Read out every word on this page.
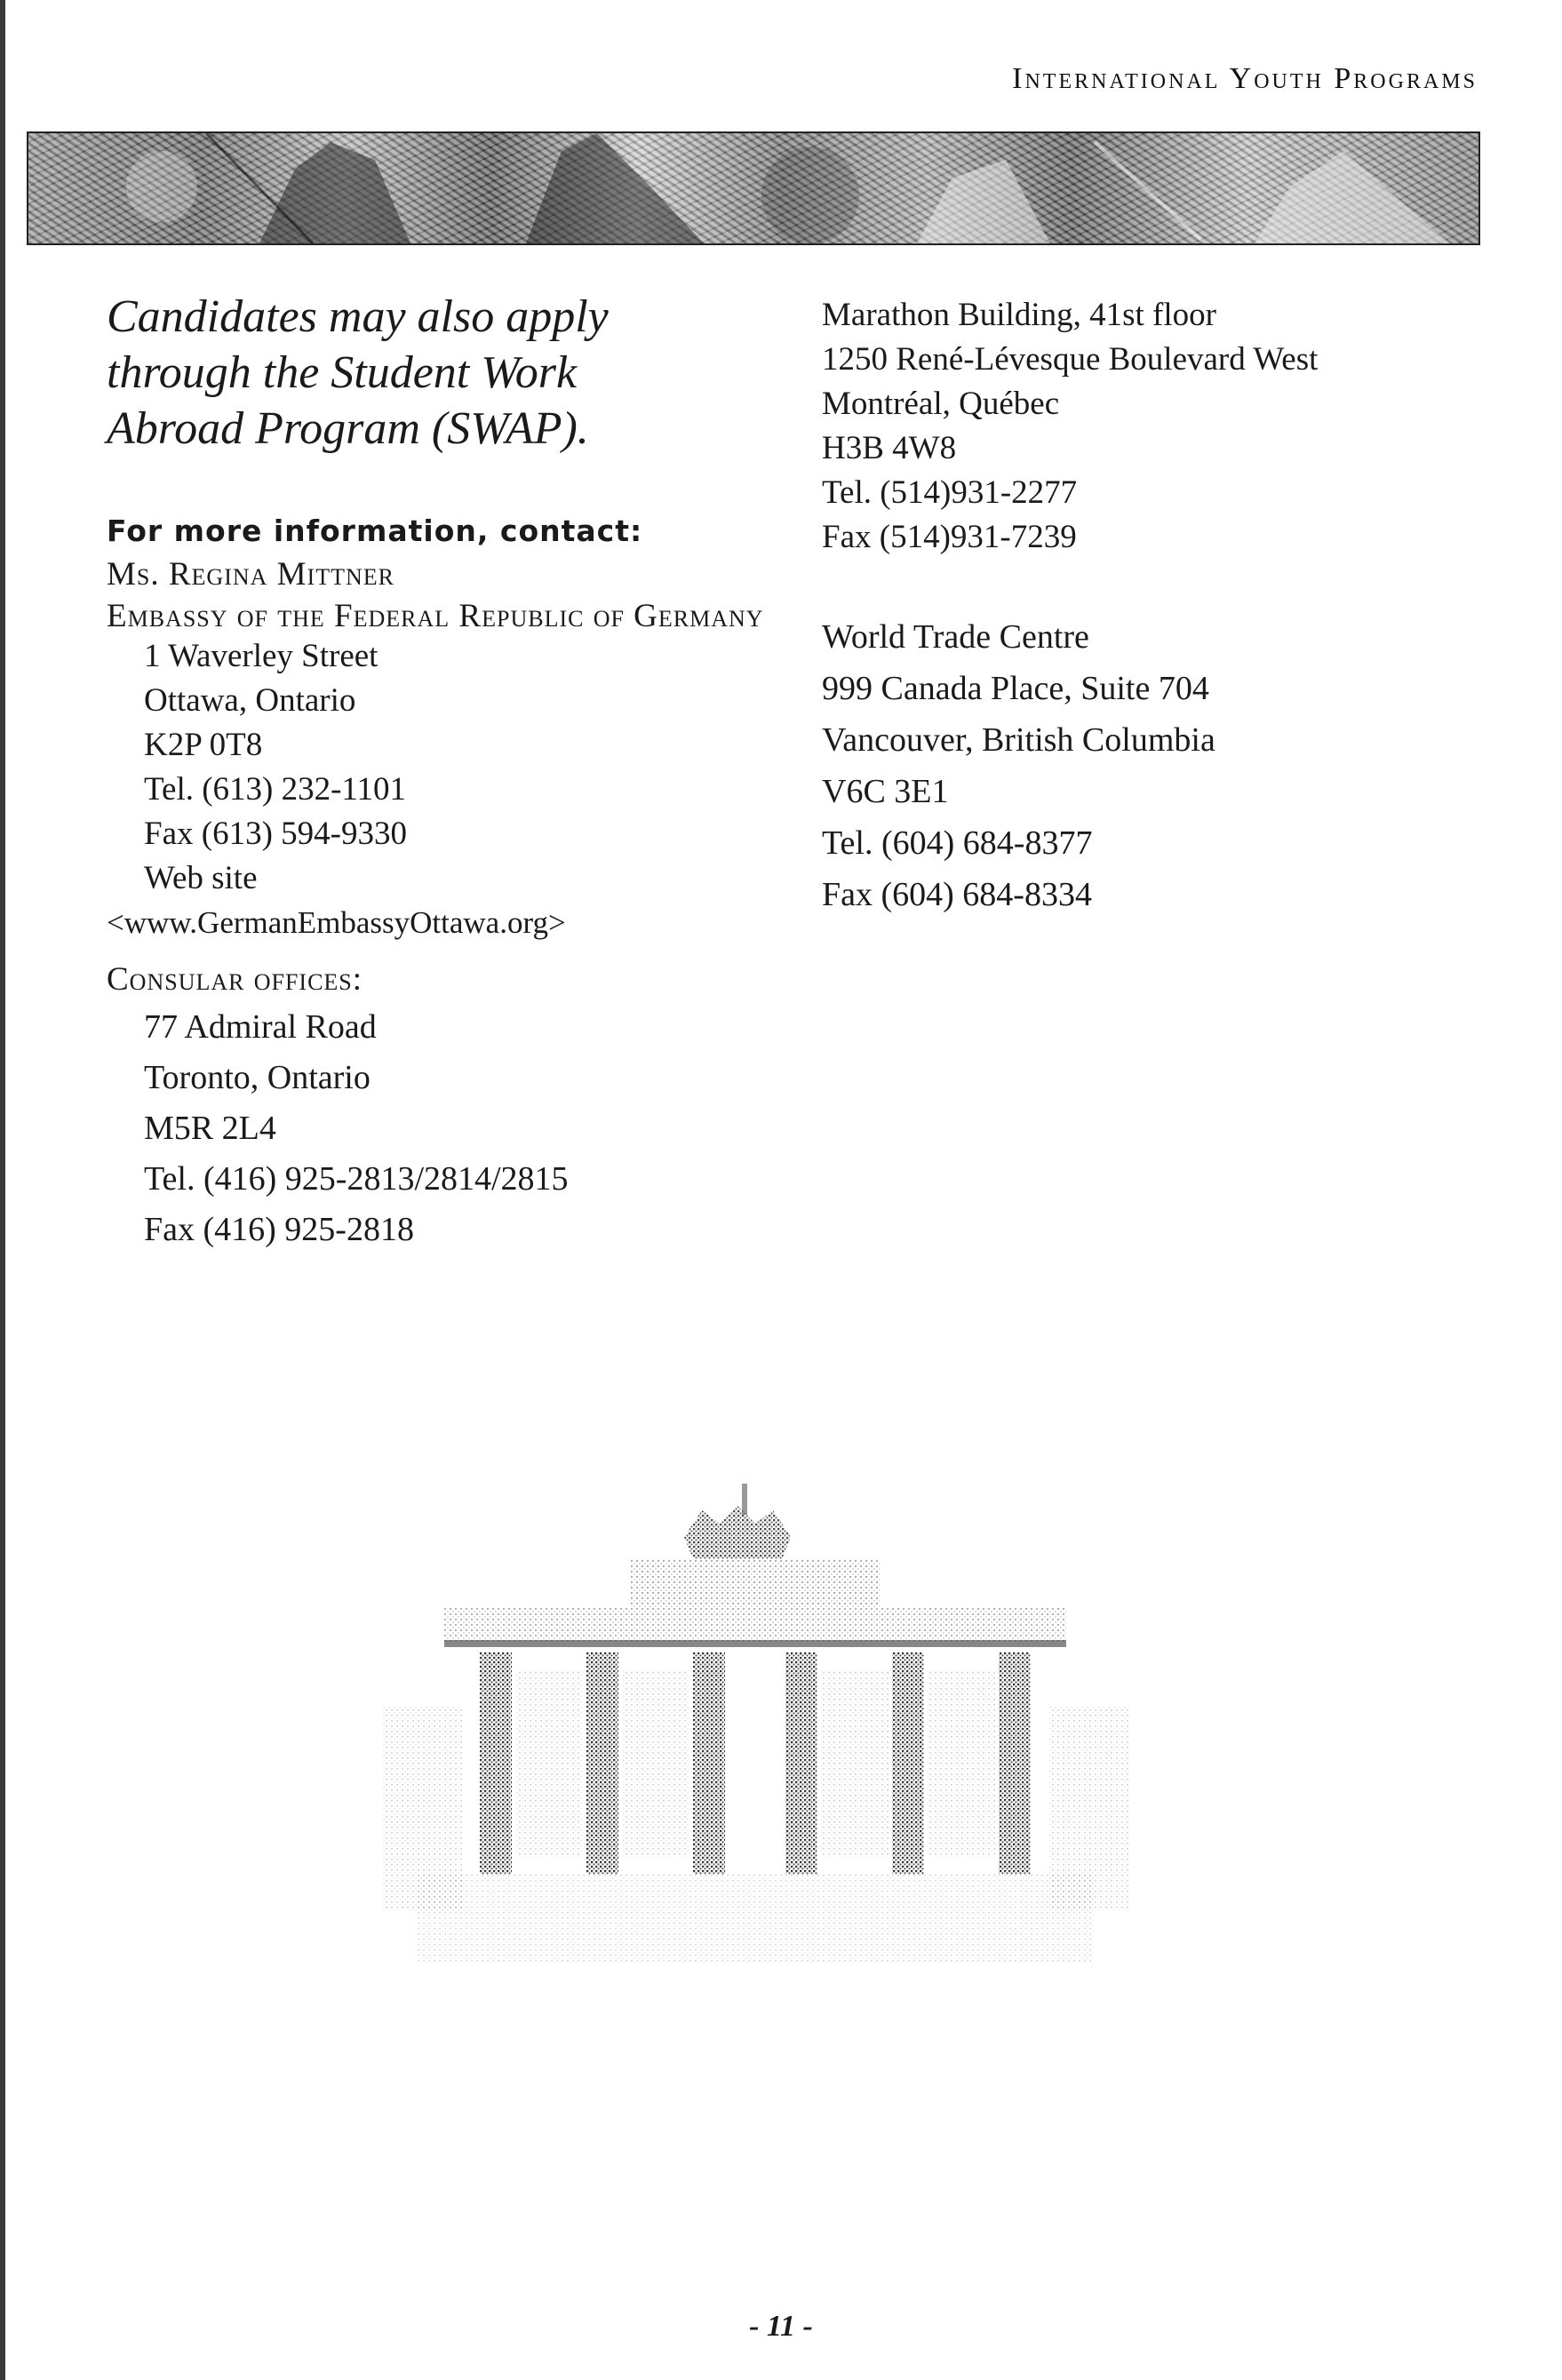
International Youth Programs

Candidates may also apply
through the Student Work
Abroad Program (SWAP).

For more information, contact:
Ms. Regina Mittner
Embassy of the Federal Republic of Germany
1 Waverley Street
Ottawa, Ontario
K2P 0T8
Tel. (613) 232-1101
Fax (613) 594-9330
Web site
<www.GermanEmbassyOttawa.org>
Consular offices:
77 Admiral Road
Toronto, Ontario
M5R 2L4
Tel. (416) 925-2813/2814/2815
Fax (416) 925-2818
Marathon Building, 41st floor
1250 René-Lévesque Boulevard West
Montréal, Québec
H3B 4W8
Tel. (514)931-2277
Fax (514)931-7239
World Trade Centre
999 Canada Place, Suite 704
Vancouver, British Columbia
V6C 3E1
Tel. (604) 684-8377
Fax (604) 684-8334
- 11 -
